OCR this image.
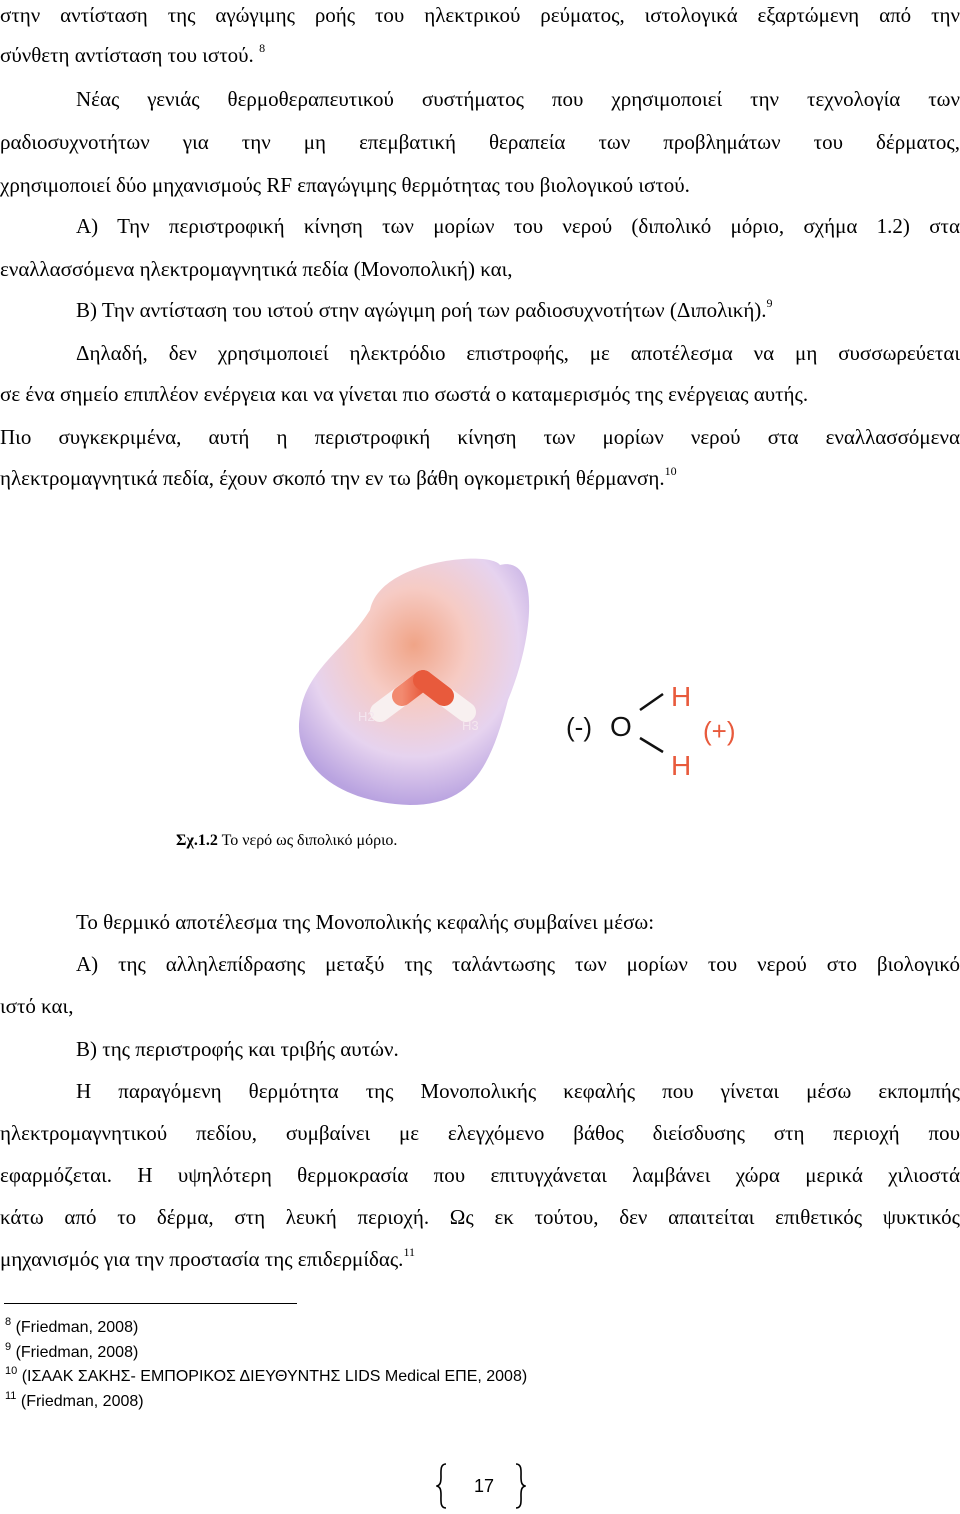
στην αντίσταση της αγώγιμης ροής του ηλεκτρικού ρεύματος, ιστολογικά εξαρτώμενη από την
σύνθετη αντίσταση του ιστού. $^8$
Νέας γενιάς θερμοθεραπευτικού συστήματος που χρησιμοποιεί την τεχνολογία των
ραδιοσυχνοτήτων για την μη επεμβατική θεραπεία των προβλημάτων του δέρματος,
χρησιμοποιεί δύο μηχανισμούς RF επαγώγιμης θερμότητας του βιολογικού ιστού.
Α) Την περιστροφική κίνηση των μορίων του νερού (διπολικό μόριο, σχήμα 1.2) στα
εναλλασσόμενα ηλεκτρομαγνητικά πεδία (Μονοπολική) και,
Β) Την αντίσταση του ιστού στην αγώγιμη ροή των ραδιοσυχνοτήτων (Διπολική).$^9$
Δηλαδή, δεν χρησιμοποιεί ηλεκτρόδιο επιστροφής, με αποτέλεσμα να μη συσσωρεύεται
σε ένα σημείο επιπλέον ενέργεια και να γίνεται πιο σωστά ο καταμερισμός της ενέργειας αυτής.
Πιο συγκεκριμένα, αυτή η περιστροφική κίνηση των μορίων νερού στα εναλλασσόμενα
ηλεκτρομαγνητικά πεδία, έχουν σκοπό την εν τω βάθη ογκομετρική θέρμανση.$^{10}$
H2
H3	(-) O
H
H
(+)
Σχ.1.2 Το νερό ως διπολικό μόριο.
Το θερμικό αποτέλεσμα της Μονοπολικής κεφαλής συμβαίνει μέσω:
Α) της αλληλεπίδρασης μεταξύ της ταλάντωσης των μορίων του νερού στο βιολογικό
ιστό και,
Β) της περιστροφής και τριβής αυτών.
Η παραγόμενη θερμότητα της Μονοπολικής κεφαλής που γίνεται μέσω εκπομπής
ηλεκτρομαγνητικού πεδίου, συμβαίνει με ελεγχόμενο βάθος διείσδυσης στη περιοχή που
εφαρμόζεται. Η υψηλότερη θερμοκρασία που επιτυγχάνεται λαμβάνει χώρα μερικά χιλιοστά
κάτω από το δέρμα, στη λευκή περιοχή. Ως εκ τούτου, δεν απαιτείται επιθετικός ψυκτικός
μηχανισμός για την προστασία της επιδερμίδας.$^{11}$
$^8$ (Friedman, 2008)
$^9$ (Friedman, 2008)
$^{10}$ (ΙΣΑΑΚ ΣΑΚΗΣ- ΕΜΠΟΡΙΚΟΣ ΔΙΕΥΘΥΝΤΗΣ LIDS Medical ΕΠΕ, 2008)
$^{11}$ (Friedman, 2008)
17
